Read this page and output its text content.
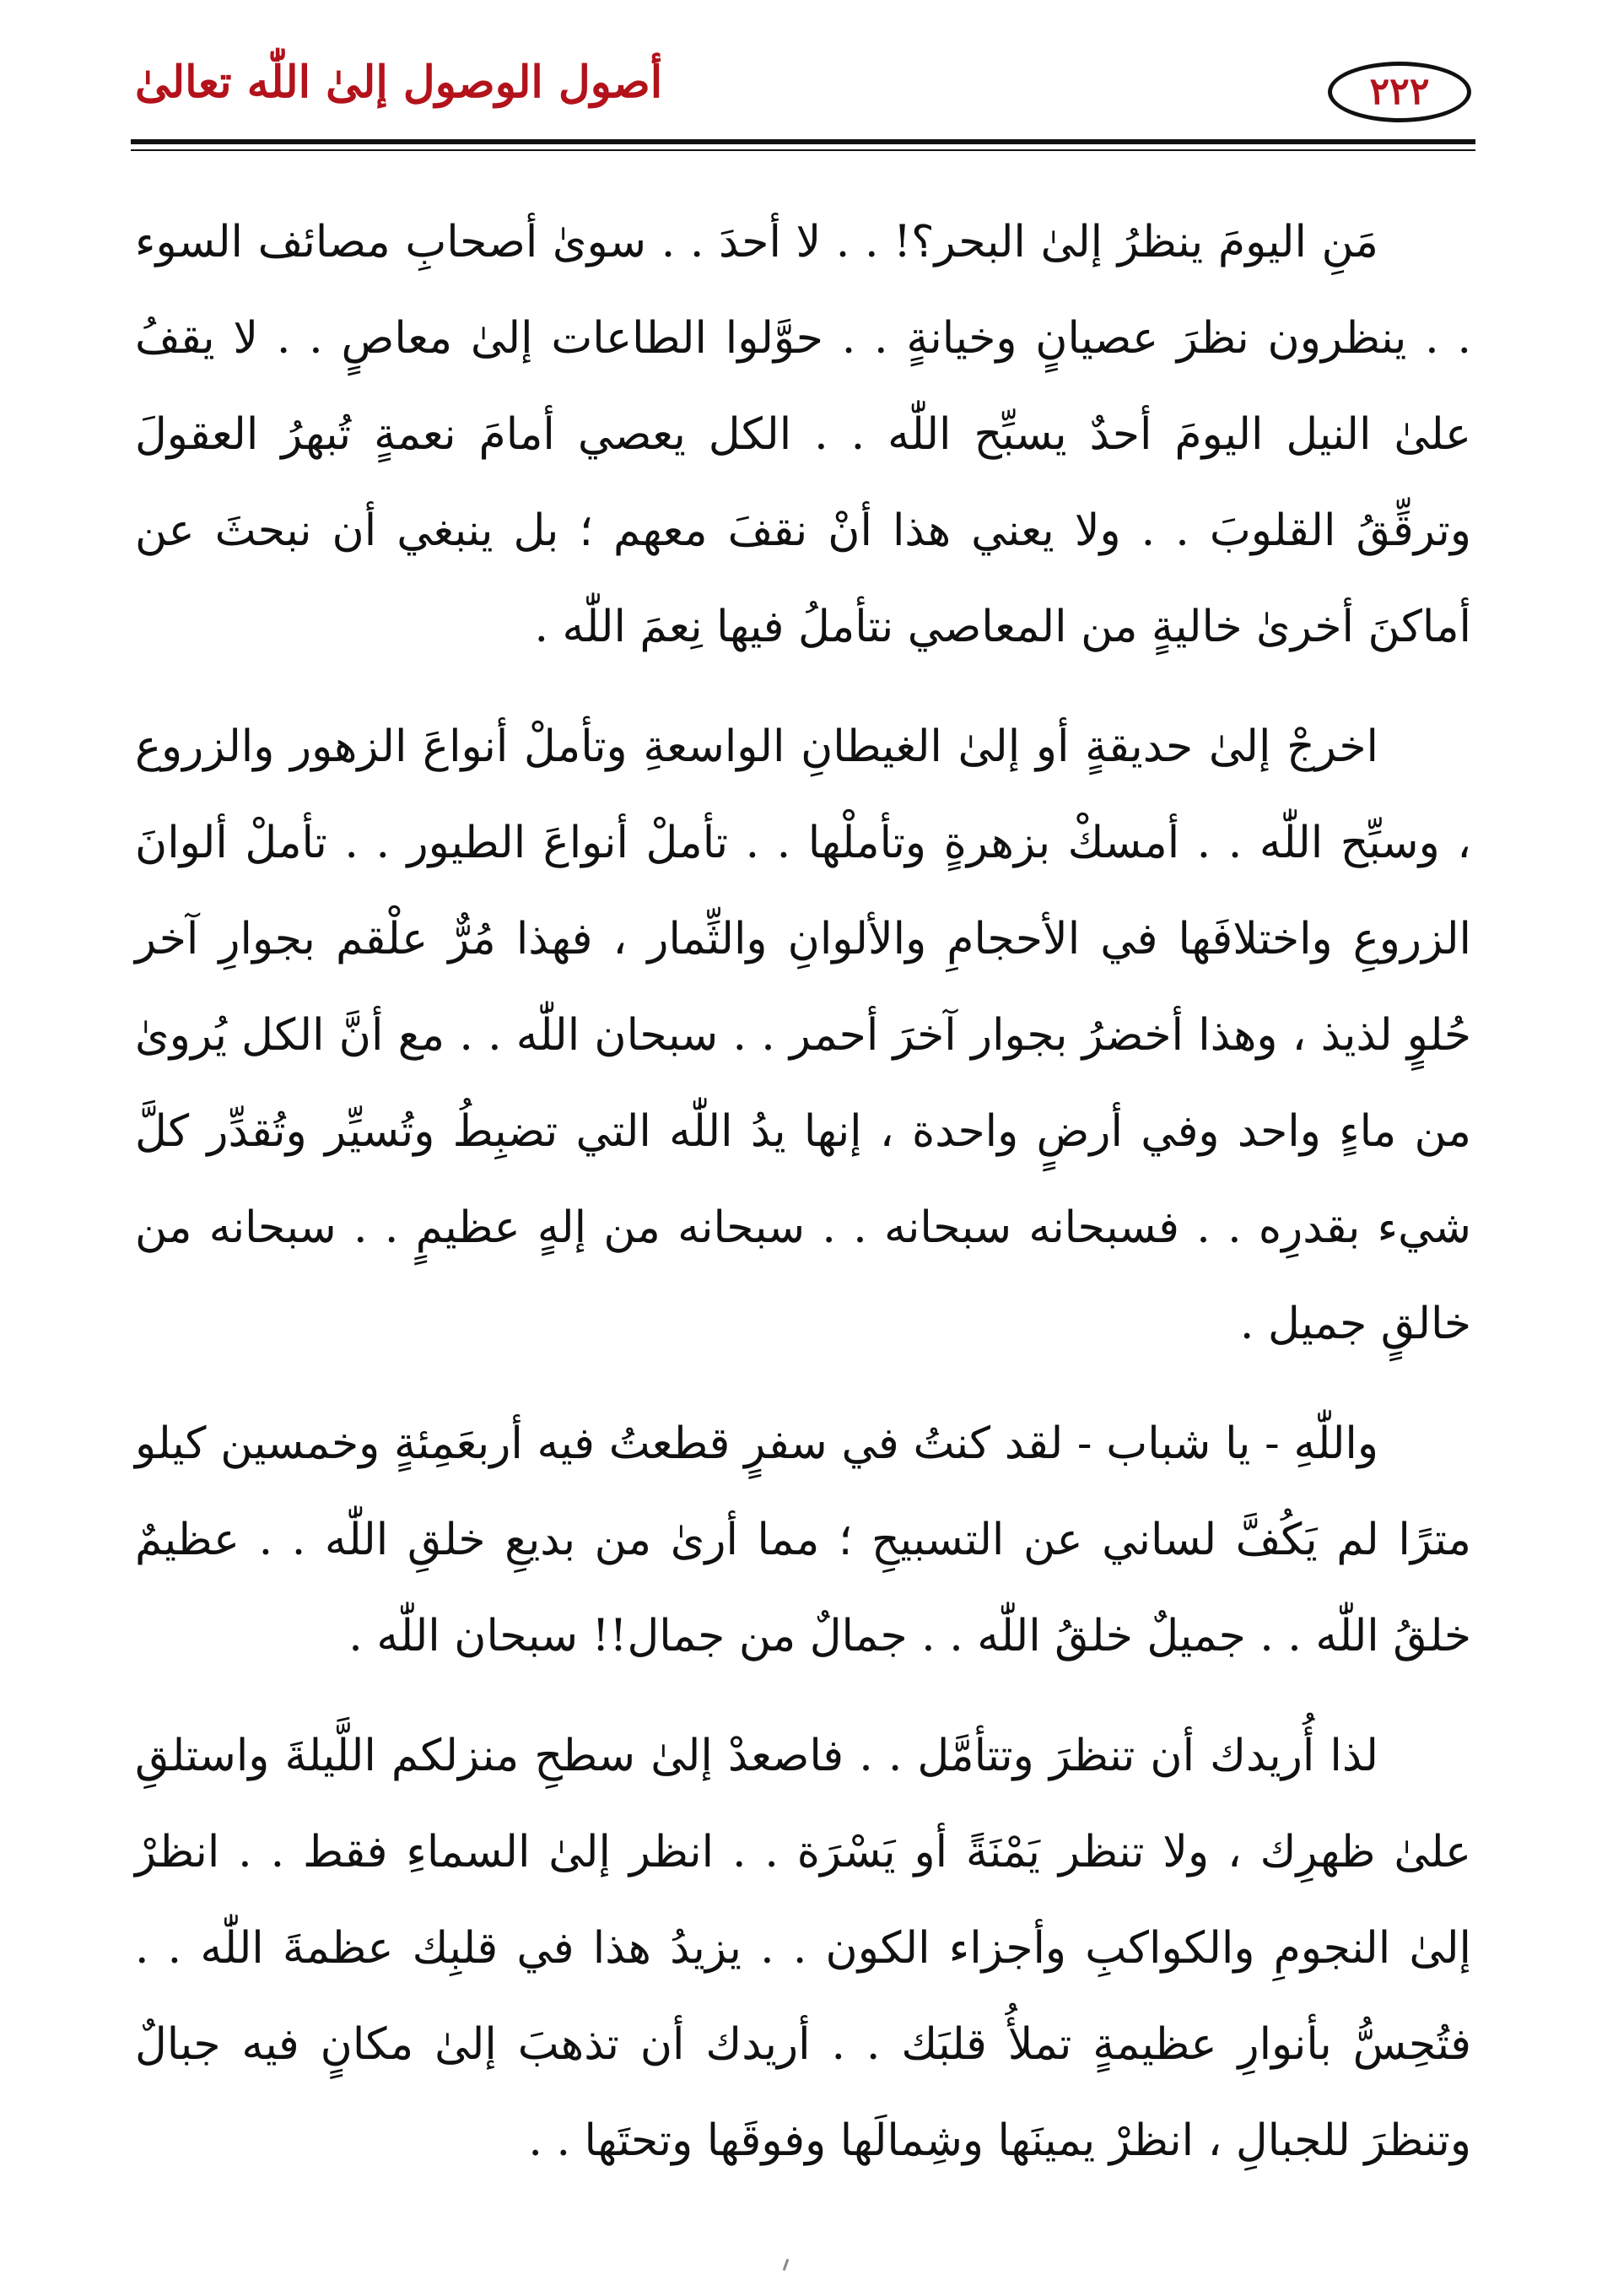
أصول الوصول إلىٰ اللّٰه تعالىٰ	٢٢٢

مَنِ اليومَ ينظرُ إلىٰ البحر؟! . . لا أحدَ . . سوىٰ أصحابِ مصائف السوء . . ينظرون نظرَ عصيانٍ وخيانةٍ . . حوَّلوا الطاعات إلىٰ معاصٍ . . لا يقفُ علىٰ النيل اليومَ أحدٌ يسبِّح اللّٰه . . الكل يعصي أمامَ نعمةٍ تُبهرُ العقولَ وترقِّقُ القلوبَ . . ولا يعني هذا أنْ نقفَ معهم ؛ بل ينبغي أن نبحثَ عن أماكنَ أخرىٰ خاليةٍ من المعاصي نتأملُ فيها نِعمَ اللّٰه .

اخرجْ إلىٰ حديقةٍ أو إلىٰ الغيطانِ الواسعةِ وتأملْ أنواعَ الزهور والزروع ، وسبِّح اللّٰه . . أمسكْ بزهرةٍ وتأملْها . . تأملْ أنواعَ الطيور . . تأملْ ألوانَ الزروعِ واختلافَها في الأحجامِ والألوانِ والثِّمار ، فهذا مُرٌّ علْقم بجوارِ آخر حُلوٍ لذيذ ، وهذا أخضرُ بجوار آخرَ أحمر . . سبحان اللّٰه . . مع أنَّ الكل يُروىٰ من ماءٍ واحد وفي أرضٍ واحدة ، إنها يدُ اللّٰه التي تضبِطُ وتُسيِّر وتُقدِّر كلَّ شيء بقدرِه . . فسبحانه سبحانه . . سبحانه من إلهٍ عظيمٍ . . سبحانه من خالقٍ جميل .

واللّٰهِ - يا شباب - لقد كنتُ في سفرٍ قطعتُ فيه أربعَمِئةٍ وخمسين كيلو مترًا لم يَكُفَّ لساني عن التسبيحِ ؛ مما أرىٰ من بديعِ خلقِ اللّٰه . . عظيمٌ خلقُ اللّٰه . . جميلٌ خلقُ اللّٰه . . جمالٌ من جمال!! سبحان اللّٰه .

لذا أُريدك أن تنظرَ وتتأمَّل . . فاصعدْ إلىٰ سطحِ منزلكم اللَّيلةَ واستلقِ علىٰ ظهرِك ، ولا تنظر يَمْنَةً أو يَسْرَة . . انظر إلىٰ السماءِ فقط . . انظرْ إلىٰ النجومِ والكواكبِ وأجزاء الكون . . يزيدُ هذا في قلبِك عظمةَ اللّٰه . . فتُحِسُّ بأنوارِ عظيمةٍ تملأُ قلبَك . . أريدك أن تذهبَ إلىٰ مكانٍ فيه جبالٌ وتنظرَ للجبالِ ، انظرْ يمينَها وشِمالَها وفوقَها وتحتَها . .
